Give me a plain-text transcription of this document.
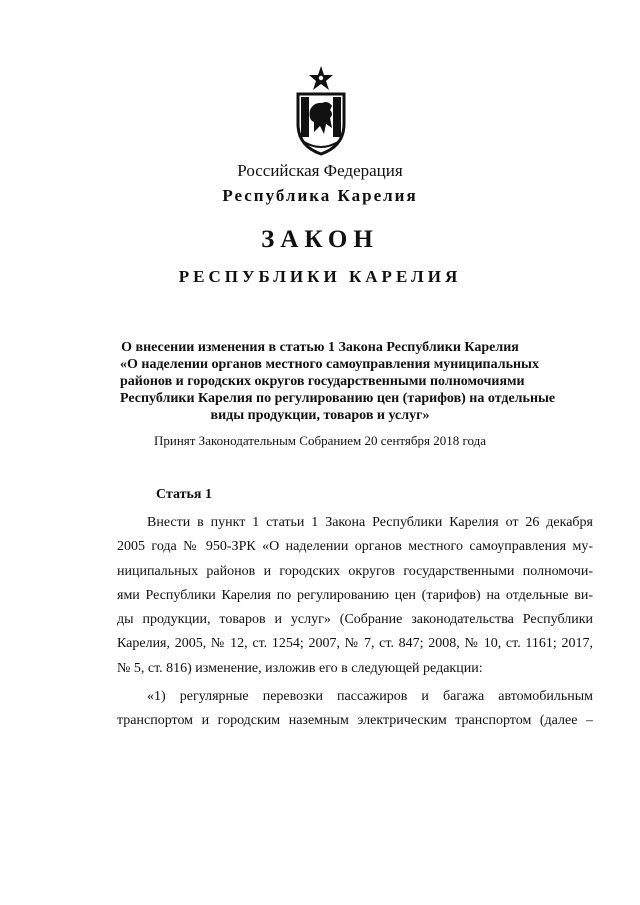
Российская Федерация
Республика Карелия
ЗАКОН
РЕСПУБЛИКИ КАРЕЛИЯ
О внесении изменения в статью 1 Закона Республики Карелия
«О наделении органов местного самоуправления муниципальных
районов и городских округов государственными полномочиями
Республики Карелия по регулированию цен (тарифов) на отдельные
виды продукции, товаров и услуг»
Принят Законодательным Собранием 20 сентября 2018 года
Статья 1
Внести в пункт 1 статьи 1 Закона Республики Карелия от 26 декабря
2005 года № 950-ЗРК «О наделении органов местного самоуправления му-
ниципальных районов и городских округов государственными полномочи-
ями Республики Карелия по регулированию цен (тарифов) на отдельные ви-
ды продукции, товаров и услуг» (Собрание законодательства Республики
Карелия, 2005, № 12, ст. 1254; 2007, № 7, ст. 847; 2008, № 10, ст. 1161; 2017,
№ 5, ст. 816) изменение, изложив его в следующей редакции:
«1) регулярные перевозки пассажиров и багажа автомобильным
транспортом и городским наземным электрическим транспортом (далее –
